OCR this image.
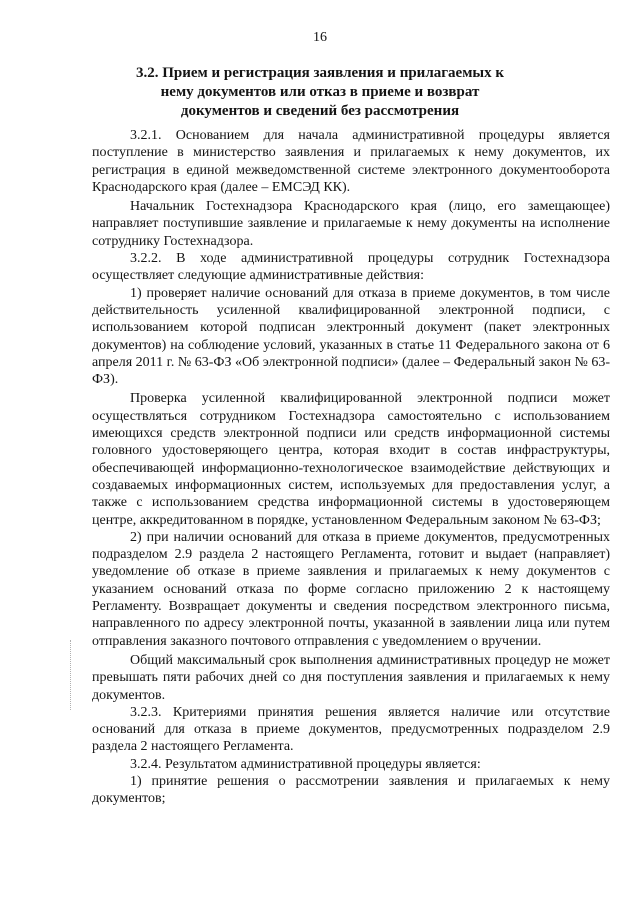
16
3.2. Прием и регистрация заявления и прилагаемых к нему документов или отказ в приеме и возврат документов и сведений без рассмотрения

3.2.1. Основанием для начала административной процедуры является поступление в министерство заявления и прилагаемых к нему документов, их регистрация в единой межведомственной системе электронного документооборота Краснодарского края (далее – ЕМСЭД КК).

Начальник Гостехнадзора Краснодарского края (лицо, его замещающее) направляет поступившие заявление и прилагаемые к нему документы на исполнение сотруднику Гостехнадзора.

3.2.2. В ходе административной процедуры сотрудник Гостехнадзора осуществляет следующие административные действия:

1) проверяет наличие оснований для отказа в приеме документов, в том числе действительность усиленной квалифицированной электронной подписи, с использованием которой подписан электронный документ (пакет электронных документов) на соблюдение условий, указанных в статье 11 Федерального закона от 6 апреля 2011 г. № 63-ФЗ «Об электронной подписи» (далее – Федеральный закон № 63-ФЗ).

Проверка усиленной квалифицированной электронной подписи может осуществляться сотрудником Гостехнадзора самостоятельно с использованием имеющихся средств электронной подписи или средств информационной системы головного удостоверяющего центра, которая входит в состав инфраструктуры, обеспечивающей информационно-технологическое взаимодействие действующих и создаваемых информационных систем, используемых для предоставления услуг, а также с использованием средства информационной системы в удостоверяющем центре, аккредитованном в порядке, установленном Федеральным законом № 63-ФЗ;

2) при наличии оснований для отказа в приеме документов, предусмотренных подразделом 2.9 раздела 2 настоящего Регламента, готовит и выдает (направляет) уведомление об отказе в приеме заявления и прилагаемых к нему документов с указанием оснований отказа по форме согласно приложению 2 к настоящему Регламенту. Возвращает документы и сведения посредством электронного письма, направленного по адресу электронной почты, указанной в заявлении лица или путем отправления заказного почтового отправления с уведомлением о вручении.

Общий максимальный срок выполнения административных процедур не может превышать пяти рабочих дней со дня поступления заявления и прилагаемых к нему документов.

3.2.3. Критериями принятия решения является наличие или отсутствие оснований для отказа в приеме документов, предусмотренных подразделом 2.9 раздела 2 настоящего Регламента.

3.2.4. Результатом административной процедуры является:

1) принятие решения о рассмотрении заявления и прилагаемых к нему документов;
